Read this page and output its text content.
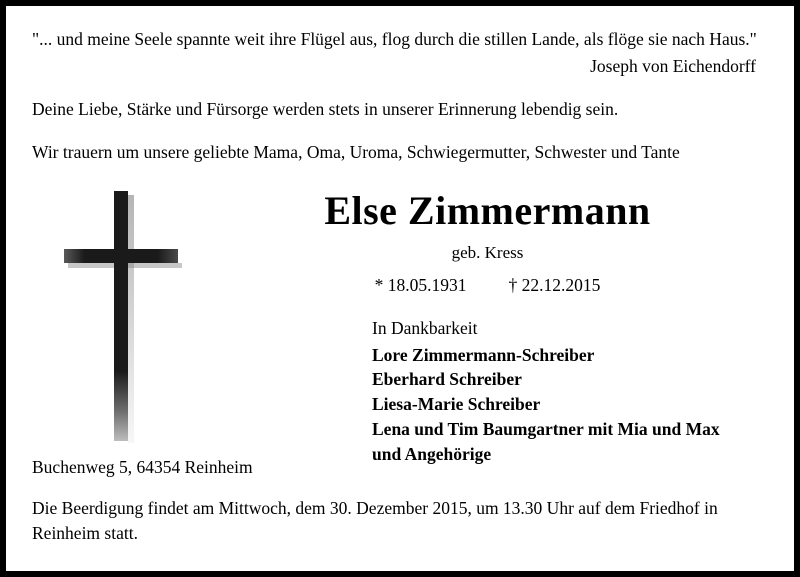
"... und meine Seele spannte weit ihre Flügel aus, flog durch die stillen Lande, als flöge sie nach Haus."

Joseph von Eichendorff

Deine Liebe, Stärke und Fürsorge werden stets in unserer Erinnerung lebendig sein.

Wir trauern um unsere geliebte Mama, Oma, Uroma, Schwiegermutter, Schwester und Tante

Else Zimmermann
geb. Kress
* 18.05.1931 † 22.12.2015
In Dankbarkeit
Lore Zimmermann-Schreiber
Eberhard Schreiber
Liesa-Marie Schreiber
Lena und Tim Baumgartner mit Mia und Max
und Angehörige

Buchenweg 5, 64354 Reinheim

Die Beerdigung findet am Mittwoch, dem 30. Dezember 2015, um 13.30 Uhr auf dem Friedhof in Reinheim statt.
